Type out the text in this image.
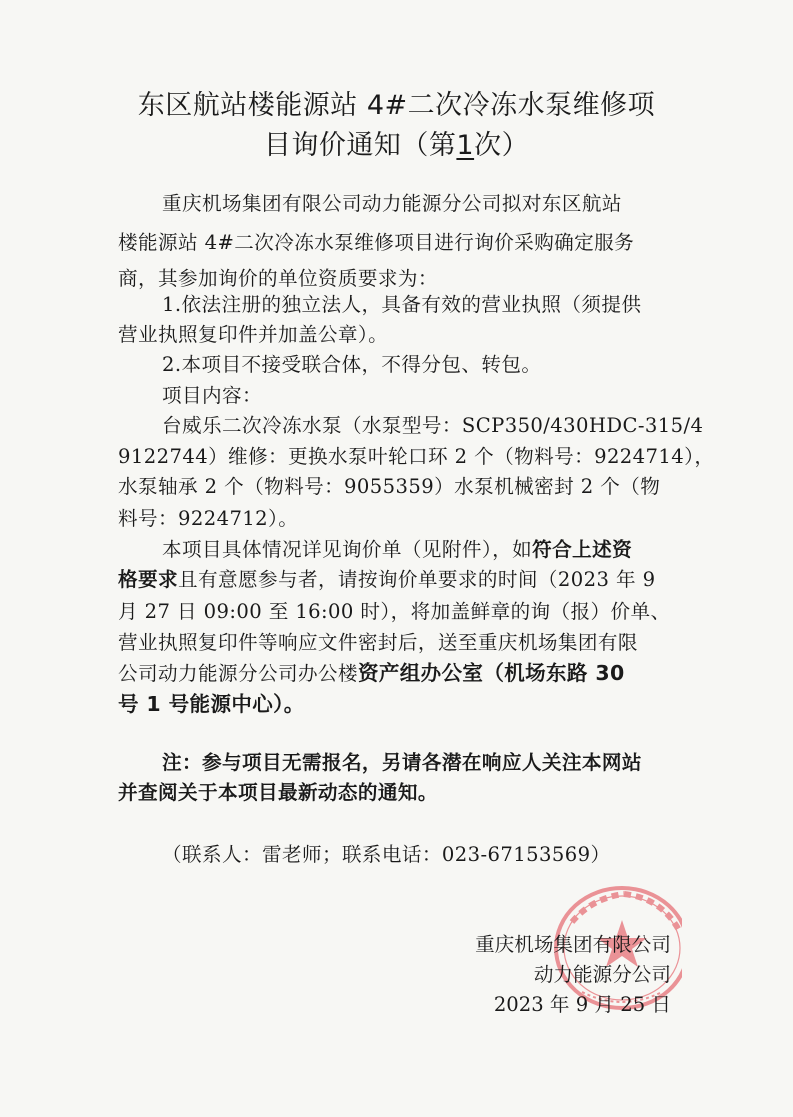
东区航站楼能源站 4#二次冷冻水泵维修项
目询价通知（第1次）
重庆机场集团有限公司动力能源分公司拟对东区航站
楼能源站 4#二次冷冻水泵维修项目进行询价采购确定服务
商，其参加询价的单位资质要求为：
1.依法注册的独立法人，具备有效的营业执照（须提供
营业执照复印件并加盖公章）。
2.本项目不接受联合体，不得分包、转包。
项目内容：
台威乐二次冷冻水泵（水泵型号：SCP350/430HDC-315/4
9122744）维修：更换水泵叶轮口环 2 个（物料号：9224714），
水泵轴承 2 个（物料号：9055359）水泵机械密封 2 个（物
料号：9224712）。
本项目具体情况详见询价单（见附件），如符合上述资
格要求且有意愿参与者，请按询价单要求的时间（2023 年 9
月 27 日 09:00 至 16:00 时），将加盖鲜章的询（报）价单、
营业执照复印件等响应文件密封后，送至重庆机场集团有限
公司动力能源分公司办公楼资产组办公室（机场东路 30
号 1 号能源中心）。
注：参与项目无需报名，另请各潜在响应人关注本网站
并查阅关于本项目最新动态的通知。
（联系人：雷老师；联系电话：023-67153569）
重庆机场集团有限公司
动力能源分公司
2023 年 9 月 25 日
